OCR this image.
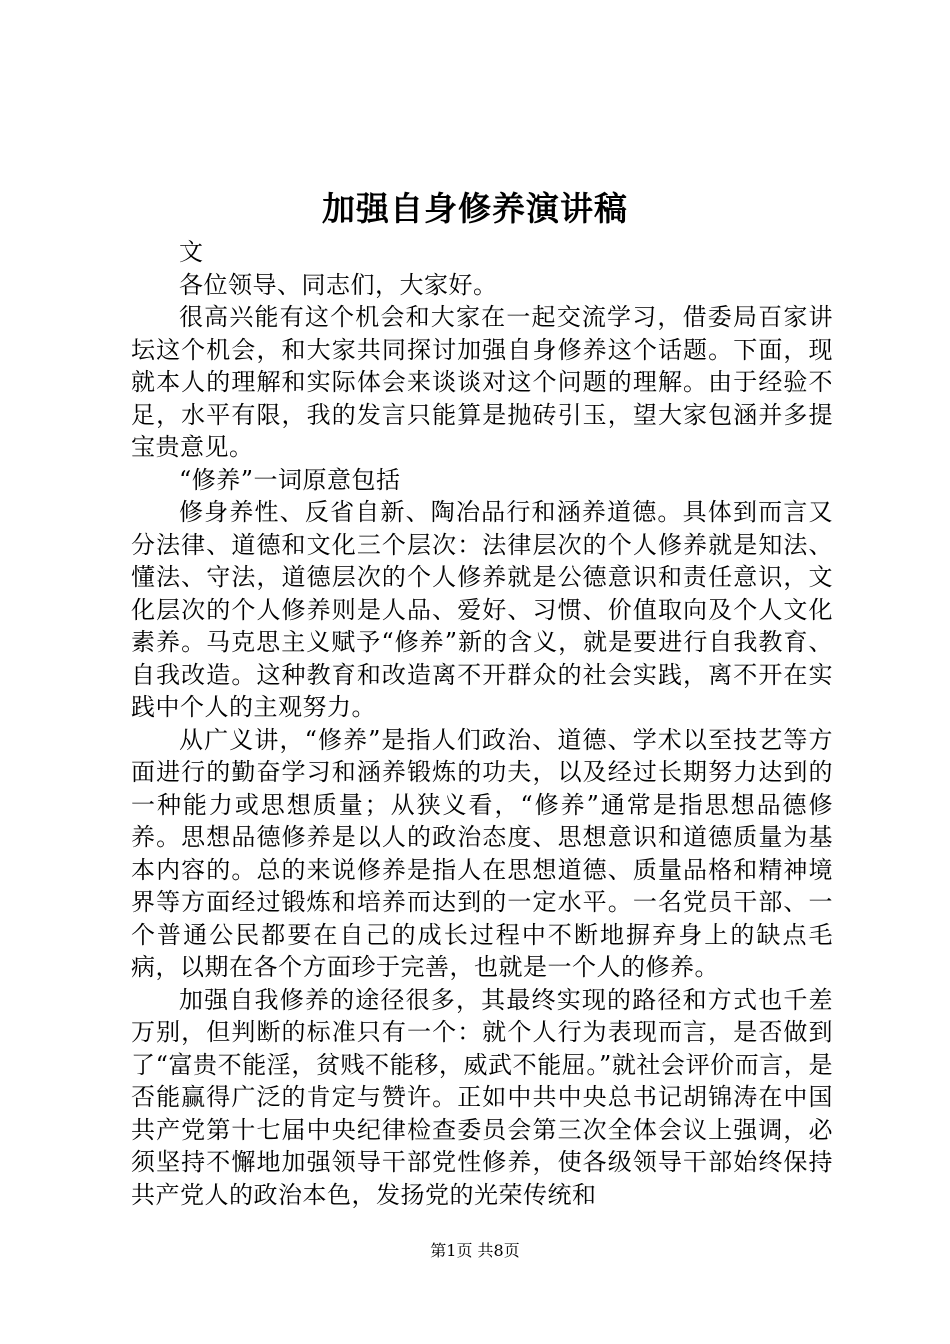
加强自身修养演讲稿

文

各位领导、同志们，大家好。

很高兴能有这个机会和大家在一起交流学习，借委局百家讲坛这个机会，和大家共同探讨加强自身修养这个话题。下面，现就本人的理解和实际体会来谈谈对这个问题的理解。由于经验不足，水平有限，我的发言只能算是抛砖引玉，望大家包涵并多提宝贵意见。

“修养”一词原意包括

修身养性、反省自新、陶冶品行和涵养道德。具体到而言又分法律、道德和文化三个层次：法律层次的个人修养就是知法、懂法、守法，道德层次的个人修养就是公德意识和责任意识，文化层次的个人修养则是人品、爱好、习惯、价值取向及个人文化素养。马克思主义赋予“修养”新的含义，就是要进行自我教育、自我改造。这种教育和改造离不开群众的社会实践，离不开在实践中个人的主观努力。

从广义讲，“修养”是指人们政治、道德、学术以至技艺等方面进行的勤奋学习和涵养锻炼的功夫，以及经过长期努力达到的一种能力或思想质量；从狭义看，“修养”通常是指思想品德修养。思想品德修养是以人的政治态度、思想意识和道德质量为基本内容的。总的来说修养是指人在思想道德、质量品格和精神境界等方面经过锻炼和培养而达到的一定水平。一名党员干部、一个普通公民都要在自己的成长过程中不断地摒弃身上的缺点毛病，以期在各个方面珍于完善，也就是一个人的修养。

加强自我修养的途径很多，其最终实现的路径和方式也千差万别，但判断的标准只有一个：就个人行为表现而言，是否做到了“富贵不能淫，贫贱不能移，威武不能屈。”就社会评价而言，是否能赢得广泛的肯定与赞许。正如中共中央总书记胡锦涛在中国共产党第十七届中央纪律检查委员会第三次全体会议上强调，必须坚持不懈地加强领导干部党性修养，使各级领导干部始终保持共产党人的政治本色，发扬党的光荣传统和

第1页 共8页
